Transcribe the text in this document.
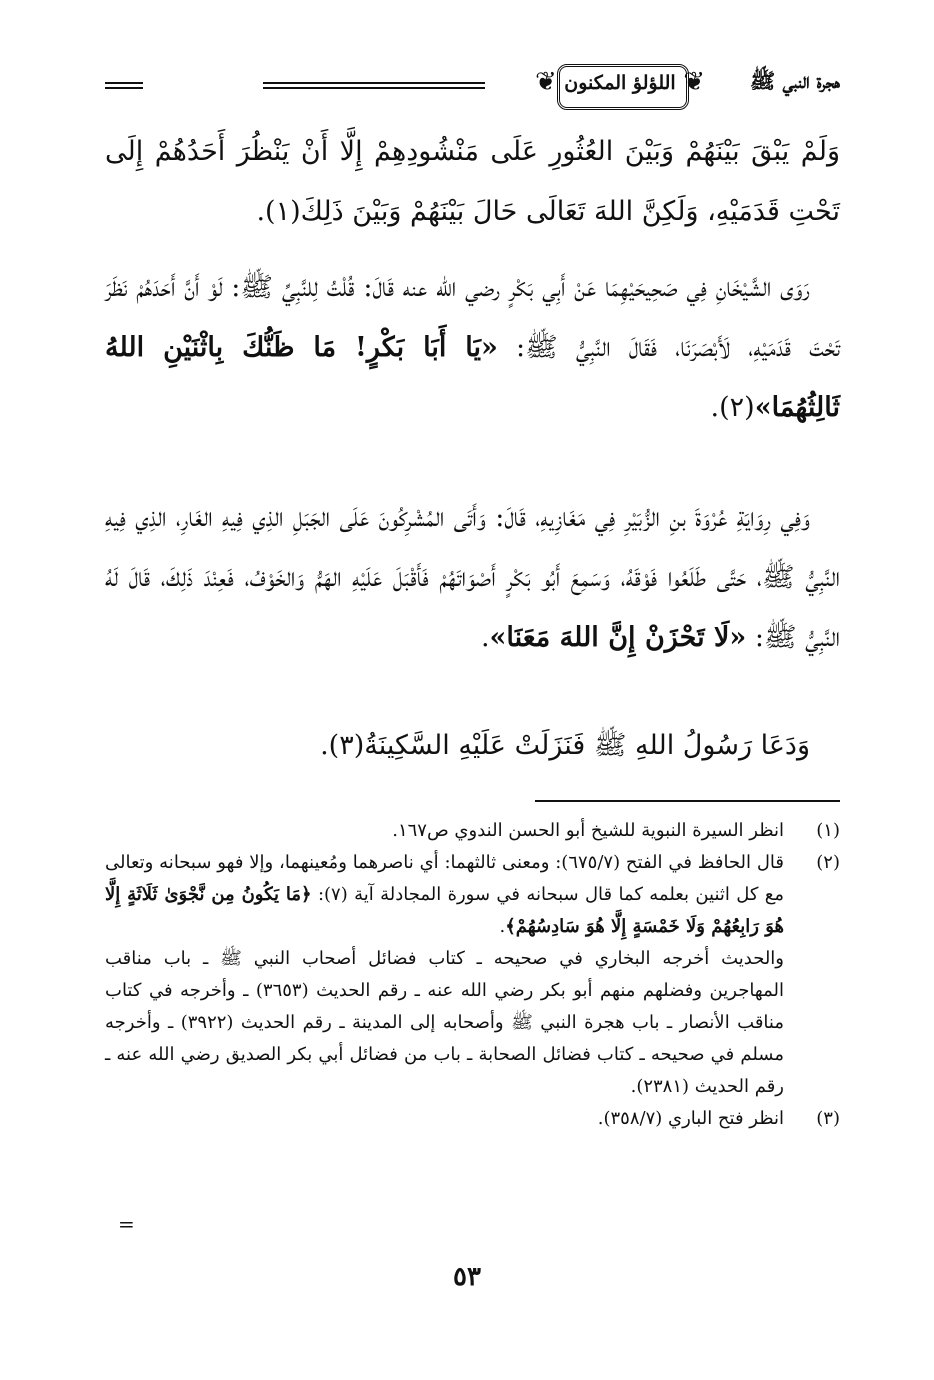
❦	❦
اللؤلؤ المكنون	هجرة النبي ﷺ

وَلَمْ يَبْقَ بَيْنَهُمْ وَبَيْنَ العُثُورِ عَلَى مَنْشُودِهِمْ إِلَّا أَنْ يَنْظُرَ أَحَدُهُمْ إِلَى تَحْتِ قَدَمَيْهِ، وَلَكِنَّ اللهَ تَعَالَى حَالَ بَيْنَهُمْ وَبَيْنَ ذَلِكَ(١).

رَوَى الشَّيْخَانِ فِي صَحِيحَيْهِمَا عَنْ أَبِي بَكْرٍ رضي الله عنه قَالَ: قُلْتُ لِلنَّبِيِّ ﷺ: لَوْ أَنَّ أَحَدَهُمْ نَظَرَ تَحْتَ قَدَمَيْهِ، لَأَبْصَرَنَا، فَقَالَ النَّبِيُّ ﷺ: «يَا أَبَا بَكْرٍ! مَا ظَنُّكَ بِاثْنَيْنِ اللهُ ثَالِثُهُمَا»(٢).

وَفِي رِوَايَةِ عُرْوَةَ بنِ الزُّبَيْرِ فِي مَغَازِيهِ، قَالَ: وَأَتَى المُشْرِكُونَ عَلَى الجَبَلِ الذِي فِيهِ الغَارِ، الذِي فِيهِ النَّبِيُّ ﷺ، حَتَّى طَلَعُوا فَوْقَهُ، وَسَمِعَ أَبُو بَكْرٍ أَصْوَاتَهُمْ فَأَقْبَلَ عَلَيْهِ الهَمُّ وَالخَوْفُ، فَعِنْدَ ذَلِكَ، قَالَ لَهُ النَّبِيُّ ﷺ: «لَا تَحْزَنْ إِنَّ اللهَ مَعَنَا».

وَدَعَا رَسُولُ اللهِ ﷺ فَنَزَلَتْ عَلَيْهِ السَّكِينَةُ(٣).

(١)

انظر السيرة النبوية للشيخ أبو الحسن الندوي ص١٦٧.

(٢)

قال الحافظ في الفتح (٦٧٥/٧): ومعنى ثالثهما: أي ناصرهما ومُعينهما، وإلا فهو سبحانه وتعالى مع كل اثنين بعلمه كما قال سبحانه في سورة المجادلة آية (٧): ﴿مَا يَكُونُ مِن نَّجْوَىٰ ثَلَاثَةٍ إِلَّا هُوَ رَابِعُهُمْ وَلَا خَمْسَةٍ إِلَّا هُوَ سَادِسُهُمْ﴾.

والحديث أخرجه البخاري في صحيحه ـ كتاب فضائل أصحاب النبي ﷺ ـ باب مناقب المهاجرين وفضلهم منهم أبو بكر رضي الله عنه ـ رقم الحديث (٣٦٥٣) ـ وأخرجه في كتاب مناقب الأنصار ـ باب هجرة النبي ﷺ وأصحابه إلى المدينة ـ رقم الحديث (٣٩٢٢) ـ وأخرجه مسلم في صحيحه ـ كتاب فضائل الصحابة ـ باب من فضائل أبي بكر الصديق رضي الله عنه ـ رقم الحديث (٢٣٨١).

(٣)

انظر فتح الباري (٣٥٨/٧).

=
٥٣
